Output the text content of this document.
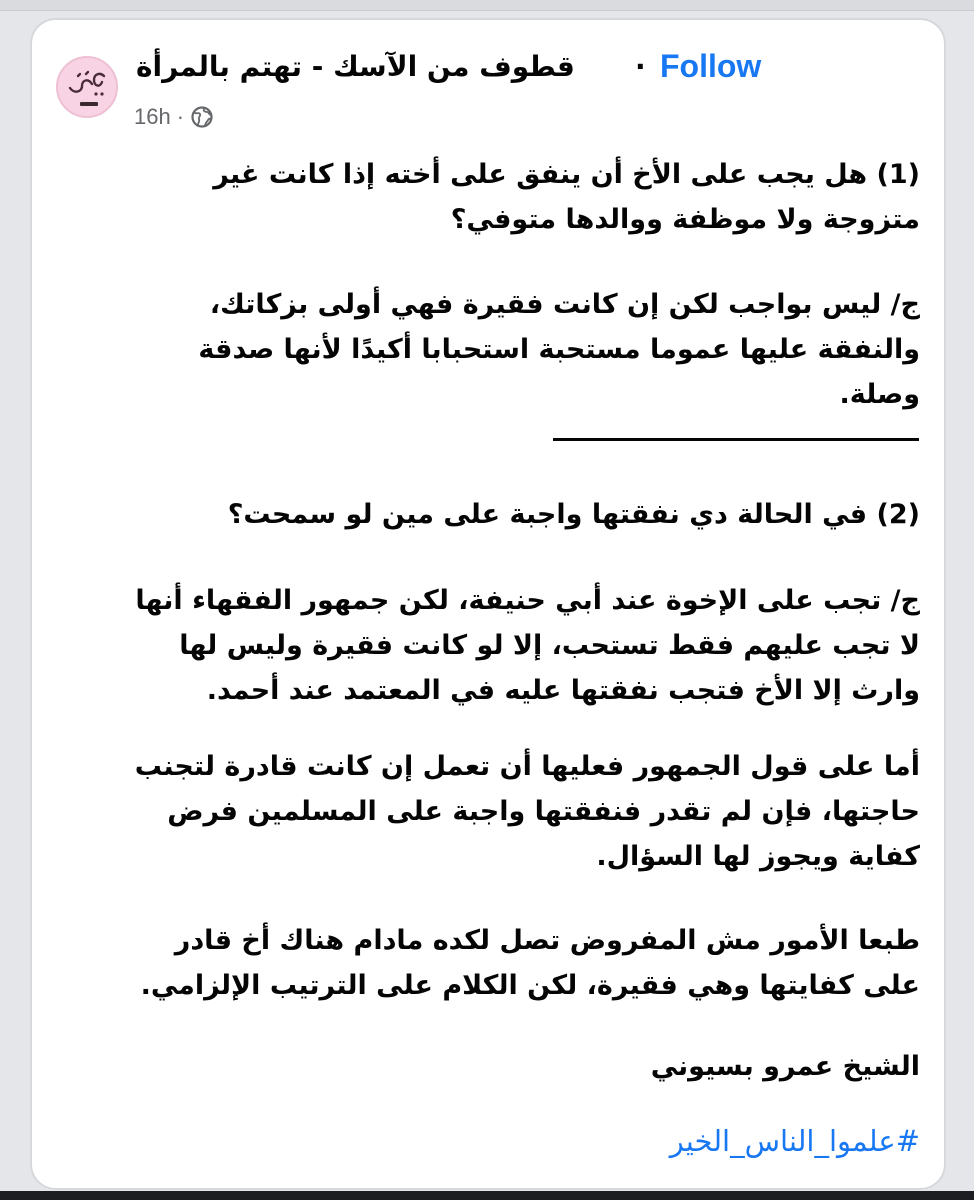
قطوف من الآسك - تهتم بالمرأة	· Follow
16h ·

(1) هل يجب على الأخ أن ينفق على أخته إذا كانت غير

متزوجة ولا موظفة ووالدها متوفي؟

ج/ ليس بواجب لكن إن كانت فقيرة فهي أولى بزكاتك،

والنفقة عليها عموما مستحبة استحبابا أكيدًا لأنها صدقة

وصلة.

(2) في الحالة دي نفقتها واجبة على مين لو سمحت؟

ج/ تجب على الإخوة عند أبي حنيفة، لكن جمهور الفقهاء أنها

لا تجب عليهم فقط تستحب، إلا لو كانت فقيرة وليس لها

وارث إلا الأخ فتجب نفقتها عليه في المعتمد عند أحمد.

أما على قول الجمهور فعليها أن تعمل إن كانت قادرة لتجنب

حاجتها، فإن لم تقدر فنفقتها واجبة على المسلمين فرض

كفاية ويجوز لها السؤال.

طبعا الأمور مش المفروض تصل لكده مادام هناك أخ قادر

على كفايتها وهي فقيرة، لكن الكلام على الترتيب الإلزامي.

الشيخ عمرو بسيوني

#علموا_الناس_الخير
